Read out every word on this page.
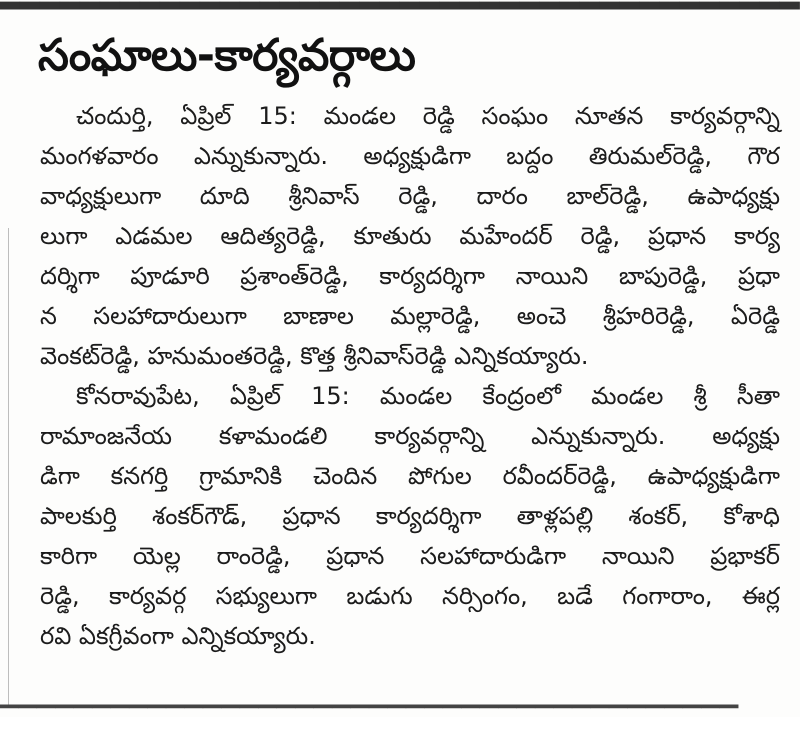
సంఘాలు-కార్యవర్గాలు
చందుర్తి, ఏప్రిల్ 15: మండల రెడ్డి సంఘం నూతన కార్యవర్గాన్ని
మంగళవారం ఎన్నుకున్నారు. అధ్యక్షుడిగా బద్దం తిరుమల్‌రెడ్డి, గౌర
వాధ్యక్షులుగా దూది శ్రీనివాస్ రెడ్డి, దారం బాల్‌రెడ్డి, ఉపాధ్యక్షు
లుగా ఎడమల ఆదిత్యరెడ్డి, కూతురు మహేందర్ రెడ్డి, ప్రధాన కార్య
దర్శిగా పూడూరి ప్రశాంత్‌రెడ్డి, కార్యదర్శిగా నాయిని బాపురెడ్డి, ప్రధా
న సలహాదారులుగా బాణాల మల్లారెడ్డి, అంచె శ్రీహరిరెడ్డి, ఏరెడ్డి
వెంకట్‌రెడ్డి, హనుమంతరెడ్డి, కొత్త శ్రీనివాస్‌రెడ్డి ఎన్నికయ్యారు.
కోనరావుపేట, ఏప్రిల్ 15: మండల కేంద్రంలో మండల శ్రీ సీతా
రామాంజనేయ కళామండలి కార్యవర్గాన్ని ఎన్నుకున్నారు. అధ్యక్షు
డిగా కనగర్తి గ్రామానికి చెందిన పోగుల రవీందర్‌రెడ్డి, ఉపాధ్యక్షుడిగా
పాలకుర్తి శంకర్‌గౌడ్, ప్రధాన కార్యదర్శిగా తాళ్లపల్లి శంకర్, కోశాధి
కారిగా యెల్ల రాంరెడ్డి, ప్రధాన సలహాదారుడిగా నాయిని ప్రభాకర్
రెడ్డి, కార్యవర్గ సభ్యులుగా బడుగు నర్సింగం, బడే గంగారాం, ఈర్ల
రవి ఏకగ్రీవంగా ఎన్నికయ్యారు.
▔▔▔▔▔▔▔▔▔▔▔▔▔▔▔▔▔▔▔▔▔▔▔▔▔▔▔▔▔▔▔▔▔▔▔▔▔▔▔▔
